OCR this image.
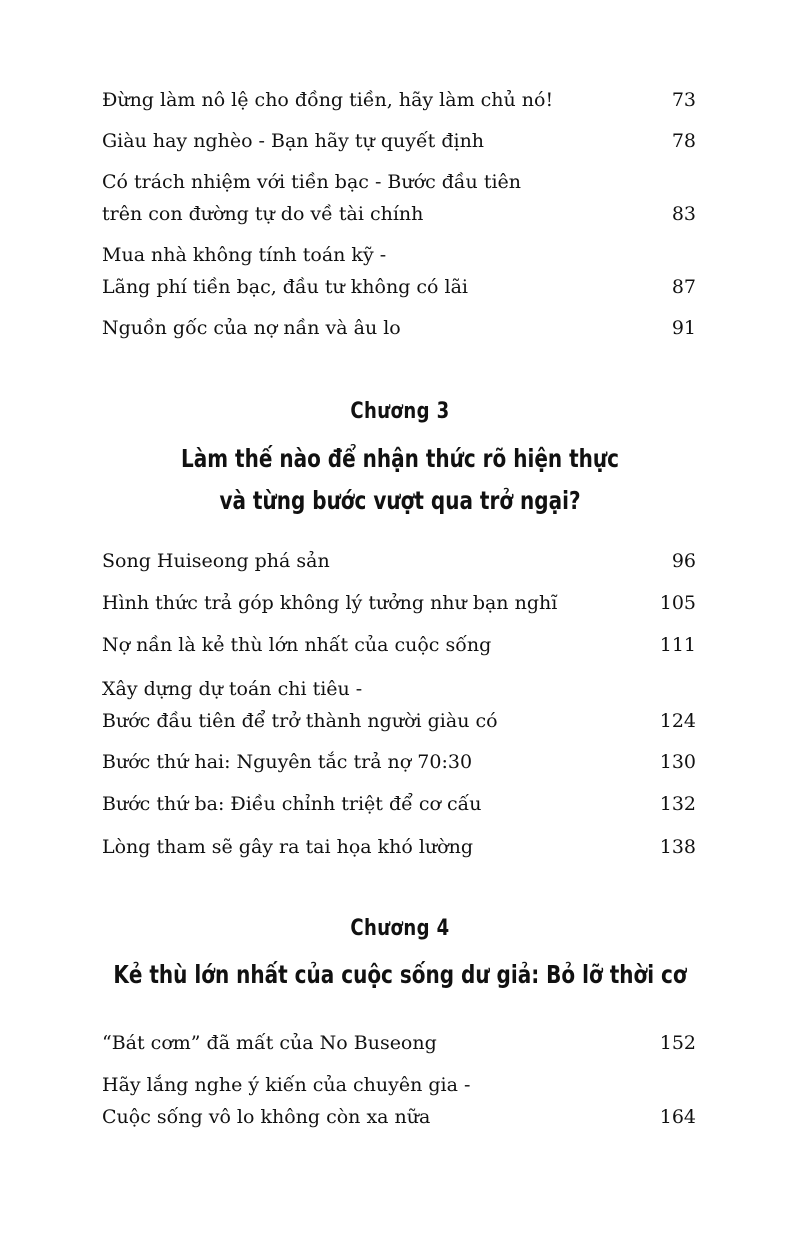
Đừng làm nô lệ cho đồng tiền, hãy làm chủ nó!	73
Giàu hay nghèo - Bạn hãy tự quyết định	78
Có trách nhiệm với tiền bạc - Bước đầu tiên
trên con đường tự do về tài chính	83
Mua nhà không tính toán kỹ -
Lãng phí tiền bạc, đầu tư không có lãi	87
Nguồn gốc của nợ nần và âu lo	91
Chương 3
Làm thế nào để nhận thức rõ hiện thực
và từng bước vượt qua trở ngại?
Song Huiseong phá sản	96
Hình thức trả góp không lý tưởng như bạn nghĩ	105
Nợ nần là kẻ thù lớn nhất của cuộc sống	111
Xây dựng dự toán chi tiêu -
Bước đầu tiên để trở thành người giàu có	124
Bước thứ hai: Nguyên tắc trả nợ 70:30	130
Bước thứ ba: Điều chỉnh triệt để cơ cấu	132
Lòng tham sẽ gây ra tai họa khó lường	138
Chương 4
Kẻ thù lớn nhất của cuộc sống dư giả: Bỏ lỡ thời cơ
“Bát cơm” đã mất của No Buseong	152
Hãy lắng nghe ý kiến của chuyên gia -
Cuộc sống vô lo không còn xa nữa	164
